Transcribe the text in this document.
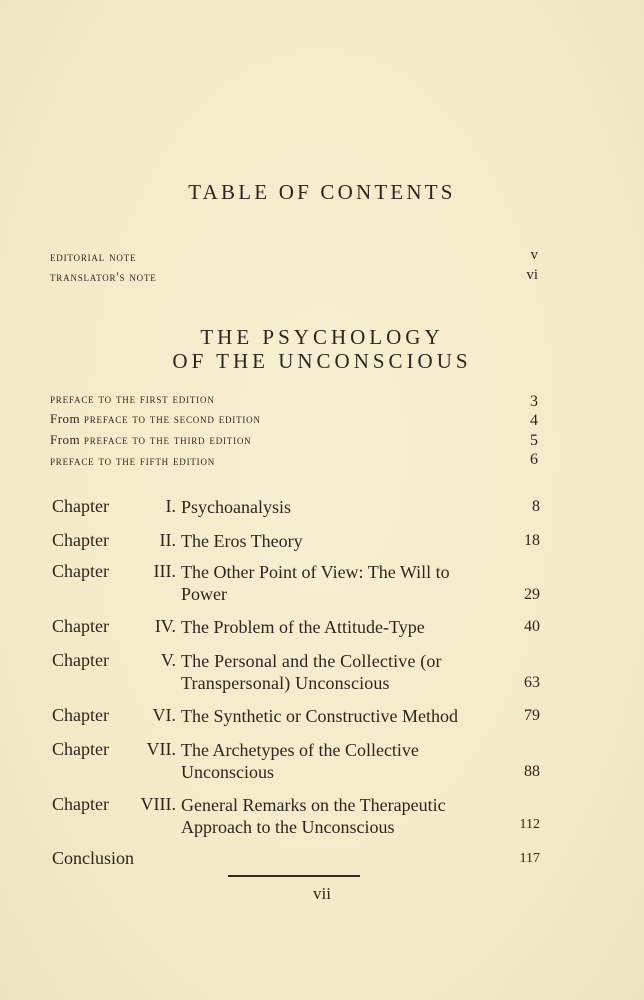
TABLE OF CONTENTS
editorial note	v
translator's note	vi
THE PSYCHOLOGY
OF THE UNCONSCIOUS
preface to the first edition	3
From preface to the second edition	4
From preface to the third edition	5
preface to the fifth edition	6
Chapter	I. Psychoanalysis	8
Chapter	II. The Eros Theory	18
Chapter	III. The Other Point of View: The Will to Power	29
Chapter	IV. The Problem of the Attitude-Type	40
Chapter	V. The Personal and the Collective (or Transpersonal) Unconscious	63
Chapter	VI. The Synthetic or Constructive Method	79
Chapter	VII. The Archetypes of the Collective Unconscious	88
Chapter	VIII. General Remarks on the Therapeutic Approach to the Unconscious	112
Conclusion	117
vii
